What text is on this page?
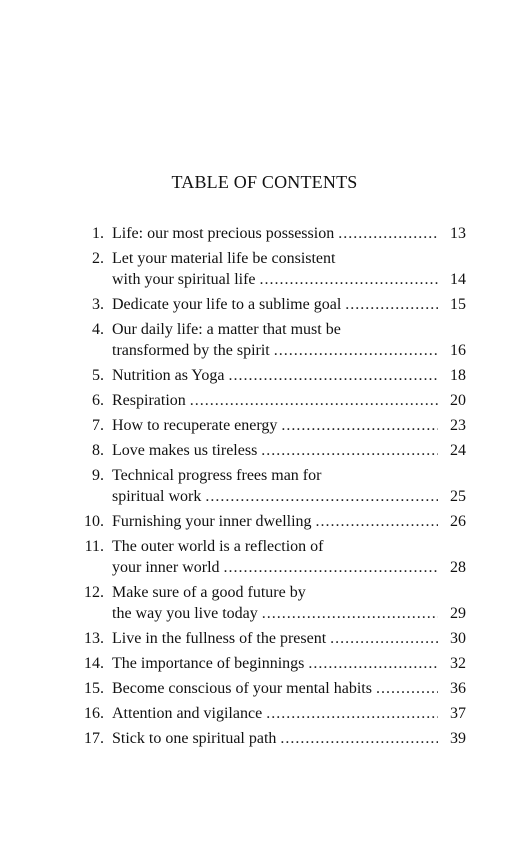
TABLE OF CONTENTS
1. Life: our most precious possession .....	13
2. Let your material life be consistent
with your spiritual life .....	14
3. Dedicate your life to a sublime goal .....	15
4. Our daily life: a matter that must be
transformed by the spirit .....	16
5. Nutrition as Yoga .....	18
6. Respiration .....	20
7. How to recuperate energy .....	23
8. Love makes us tireless .....	24
9. Technical progress frees man for
spiritual work .....	25
10. Furnishing your inner dwelling .....	26
11. The outer world is a reflection of
your inner world .....	28
12. Make sure of a good future by
the way you live today .....	29
13. Live in the fullness of the present .....	30
14. The importance of beginnings .....	32
15. Become conscious of your mental habits .....	36
16. Attention and vigilance .....	37
17. Stick to one spiritual path .....	39
